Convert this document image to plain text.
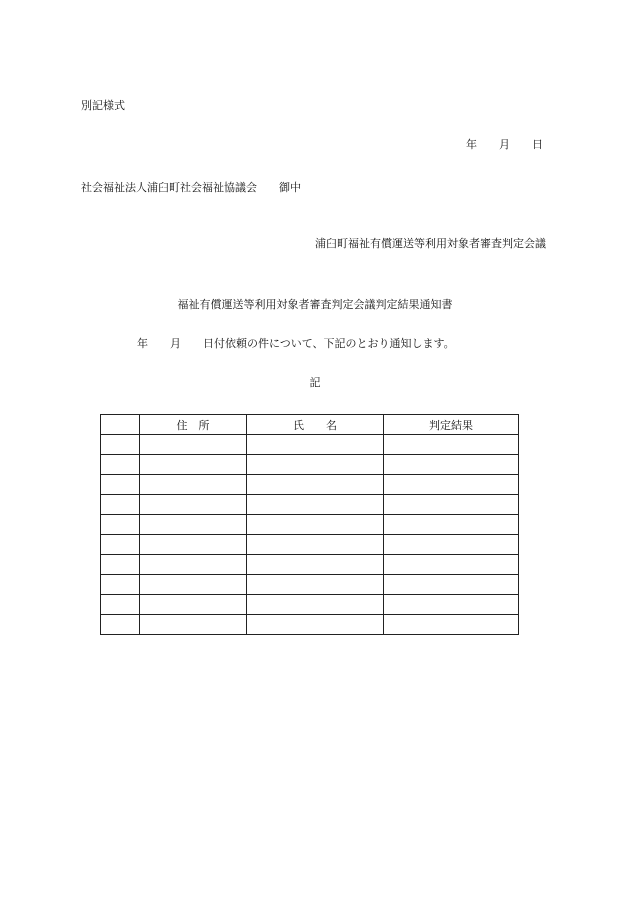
別記様式
年 月 日
社会福祉法人浦臼町社会福祉協議会 御中
浦臼町福祉有償運送等利用対象者審査判定会議
福祉有償運送等利用対象者審査判定会議判定結果通知書
年 月 日付依頼の件について、下記のとおり通知します。
記
	住　所	氏　　名	判定結果
